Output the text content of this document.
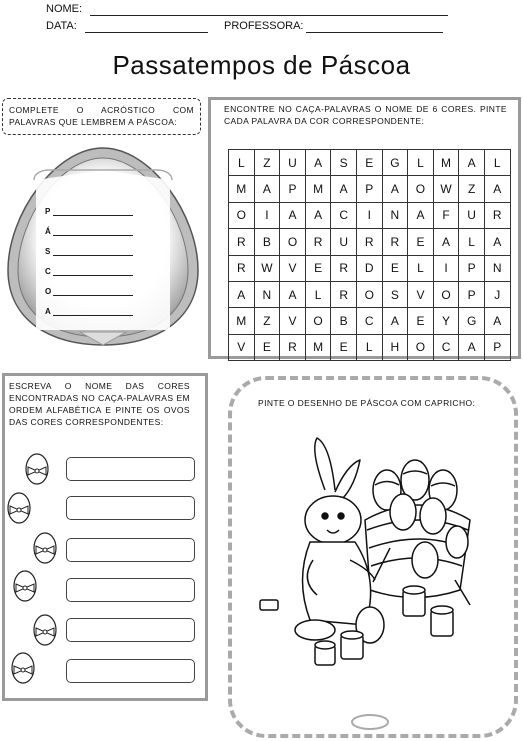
NOME:
DATA:	PROFESSORA:
Passatempos de Páscoa
COMPLETE O ACRÓSTICO COM PALAVRAS QUE LEMBREM A PÁSCOA:
P
Á
S
C
O
A
ENCONTRE NO CAÇA-PALAVRAS O NOME DE 6 CORES. PINTE CADA PALAVRA DA COR CORRESPONDENTE:
L	Z	U	A	S	E	G	L	M	A	L
M	A	P	M	A	P	A	O	W	Z	A
O	I	A	A	C	I	N	A	F	U	R
R	B	O	R	U	R	R	E	A	L	A
R	W	V	E	R	D	E	L	I	P	N
A	N	A	L	R	O	S	V	O	P	J
M	Z	V	O	B	C	A	E	Y	G	A
V	E	R	M	E	L	H	O	C	A	P
ESCREVA O NOME DAS CORES ENCONTRADAS NO CAÇA-PALAVRAS EM ORDEM ALFABÉTICA E PINTE OS OVOS DAS CORES CORRESPONDENTES:
PINTE O DESENHO DE PÁSCOA COM CAPRICHO:
